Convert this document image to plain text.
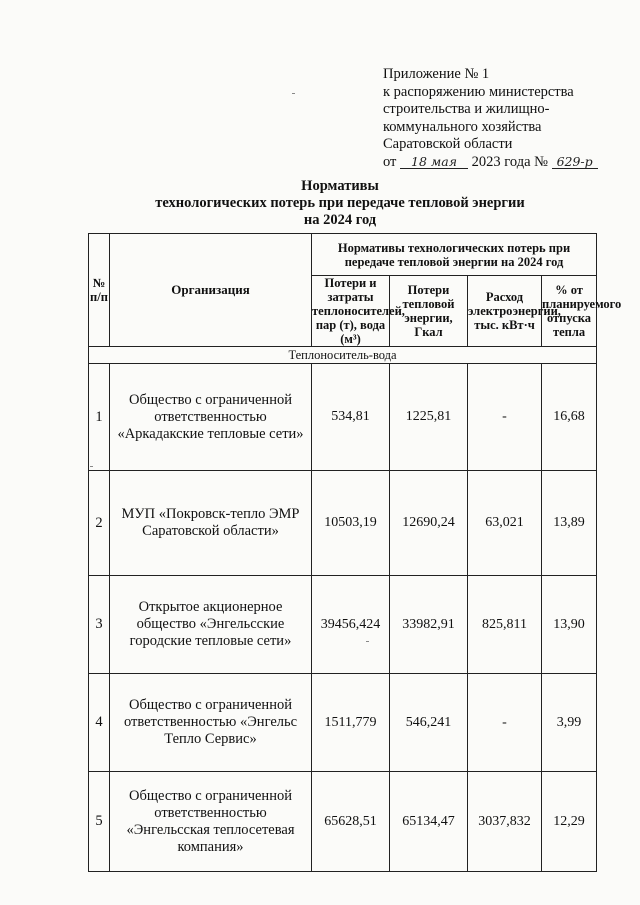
Приложение № 1
к распоряжению министерства
строительства и жилищно-
коммунального хозяйства
Саратовской области
от 18 мая 2023 года № 629-р
Нормативы
технологических потерь при передаче тепловой энергии
на 2024 год
№ п/п	Организация	Нормативы технологических потерь при передаче тепловой энергии на 2024 год			
		Потери и затраты теплоносителей, пар (т), вода (м³)	Потери тепловой энергии, Гкал	Расход электроэнергии, тыс. кВт·ч	% от планируемого отпуска тепла
Теплоноситель-вода					
1	Общество с ограниченной ответственностью «Аркадакские тепловые сети»	534,81	1225,81	-	16,68
2	МУП «Покровск-тепло ЭМР Саратовской области»	10503,19	12690,24	63,021	13,89
3	Открытое акционерное общество «Энгельсские городские тепловые сети»	39456,424	33982,91	825,811	13,90
4	Общество с ограниченной ответственностью «Энгельс Тепло Сервис»	1511,779	546,241	-	3,99
5	Общество с ограниченной ответственностью «Энгельсская теплосетевая компания»	65628,51	65134,47	3037,832	12,29
